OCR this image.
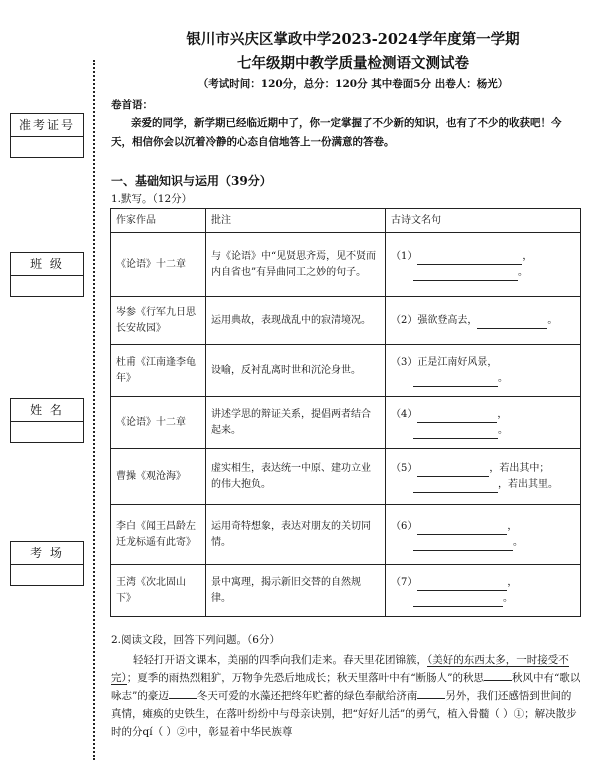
准考证号
班 级
姓 名
考 场
银川市兴庆区掌政中学2023-2024学年度第一学期
七年级期中教学质量检测语文测试卷
（考试时间：120分，总分：120分 其中卷面5分 出卷人：杨光）
卷首语：
亲爱的同学，新学期已经临近期中了，你一定掌握了不少新的知识，也有了不少的收获吧！今天，相信你会以沉着冷静的心态自信地答上一份满意的答卷。
一、基础知识与运用（39分）
1.默写。（12分）
作家作品	批注	古诗文名句
《论语》十二章	与《论语》中“见贤思齐焉，见不贤而内自省也”有异曲同工之妙的句子。	（1） ，
。

岑参《行军九日思长安故园》	运用典故，表现战乱中的寂清境况。	（2）强欲登高去， 。
杜甫《江南逢李龟年》	设喻，反衬乱离时世和沉沦身世。	（3）正是江南好风景，
。

《论语》十二章	讲述学思的辩证关系，提倡两者结合起来。	（4） ，
。

曹操《观沧海》	虚实相生，表达统一中原、建功立业的伟大抱负。	（5） ，若出其中；
，若出其里。

李白《闻王昌龄左迁龙标遥有此寄》	运用奇特想象，表达对朋友的关切同情。	（6） ，
。

王湾《次北固山下》	景中寓理，揭示新旧交替的自然规律。	（7） ，
。
2.阅读文段，回答下列问题。（6分）
轻轻打开语文课本，美丽的四季向我们走来。春天里花团锦簇，（美好的东西太多，一时接受不完）；夏季的雨热烈粗犷，万物争先恐后地成长；秋天里落叶中有“断肠人”的秋思	秋风中有“歌以咏志”的豪迈	冬天可爱的水藻还把终年贮蓄的绿色奉献给济南	另外，我们还感悟到世间的真情，瘫痪的史铁生，在落叶纷纷中与母亲诀别，把“好好儿活”的勇气，植入骨髓（ ）①；解决散步时的分qí（ ）②中，彰显着中华民族尊
